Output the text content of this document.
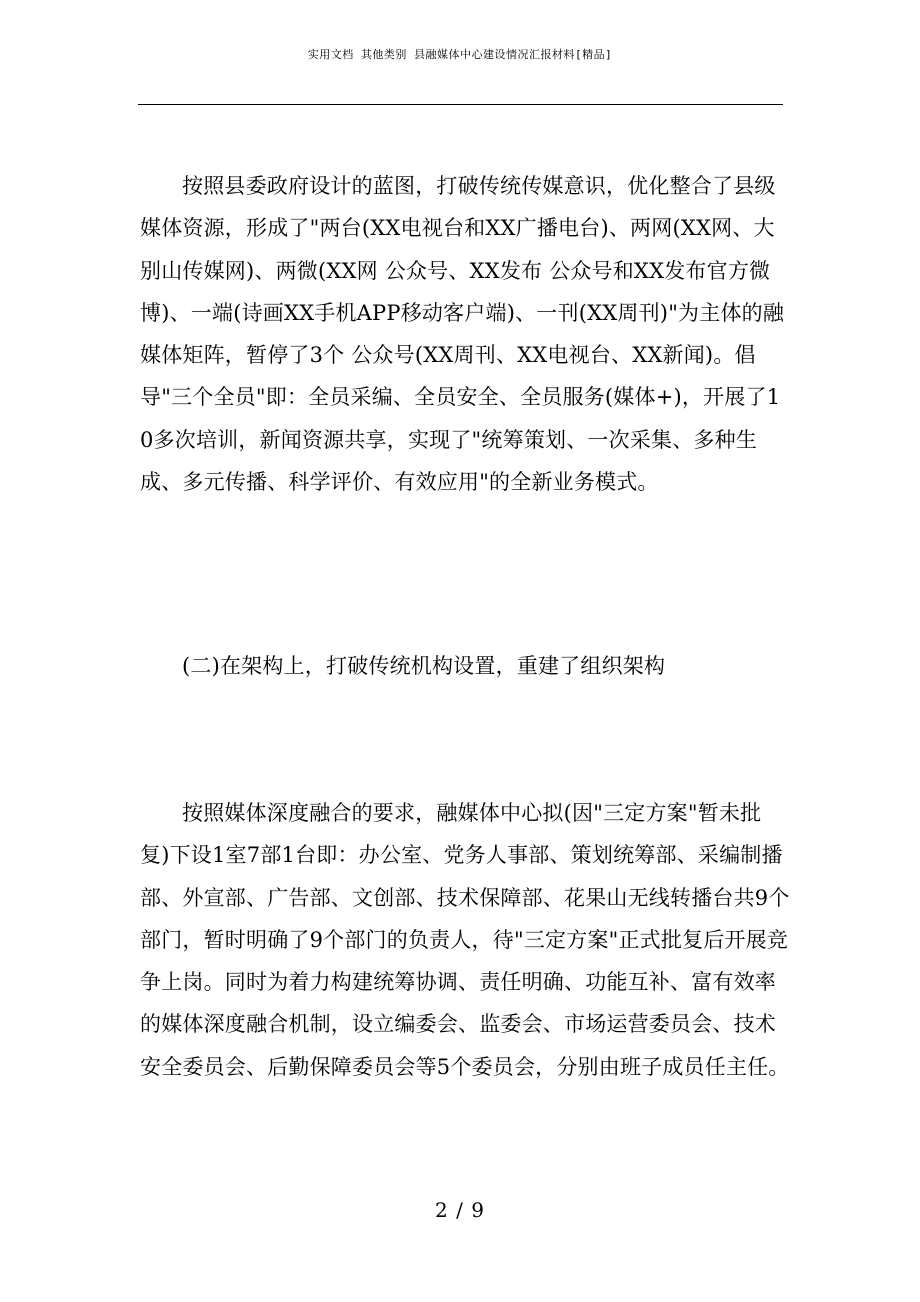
实用文档 其他类别 县融媒体中心建设情况汇报材料[精品]

按照县委政府设计的蓝图，打破传统传媒意识，优化整合了县级媒体资源，形成了"两台(XX电视台和XX广播电台)、两网(XX网、大别山传媒网)、两微(XX网 公众号、XX发布 公众号和XX发布官方微博)、一端(诗画XX手机APP移动客户端)、一刊(XX周刊)"为主体的融媒体矩阵，暂停了3个 公众号(XX周刊、XX电视台、XX新闻)。倡导"三个全员"即：全员采编、全员安全、全员服务(媒体+)，开展了10多次培训，新闻资源共享，实现了"统筹策划、一次采集、多种生成、多元传播、科学评价、有效应用"的全新业务模式。

(二)在架构上，打破传统机构设置，重建了组织架构

按照媒体深度融合的要求，融媒体中心拟(因"三定方案"暂未批复)下设1室7部1台即：办公室、党务人事部、策划统筹部、采编制播部、外宣部、广告部、文创部、技术保障部、花果山无线转播台共9个部门，暂时明确了9个部门的负责人，待"三定方案"正式批复后开展竞争上岗。同时为着力构建统筹协调、责任明确、功能互补、富有效率的媒体深度融合机制，设立编委会、监委会、市场运营委员会、技术安全委员会、后勤保障委员会等5个委员会，分别由班子成员任主任。

2 / 9
